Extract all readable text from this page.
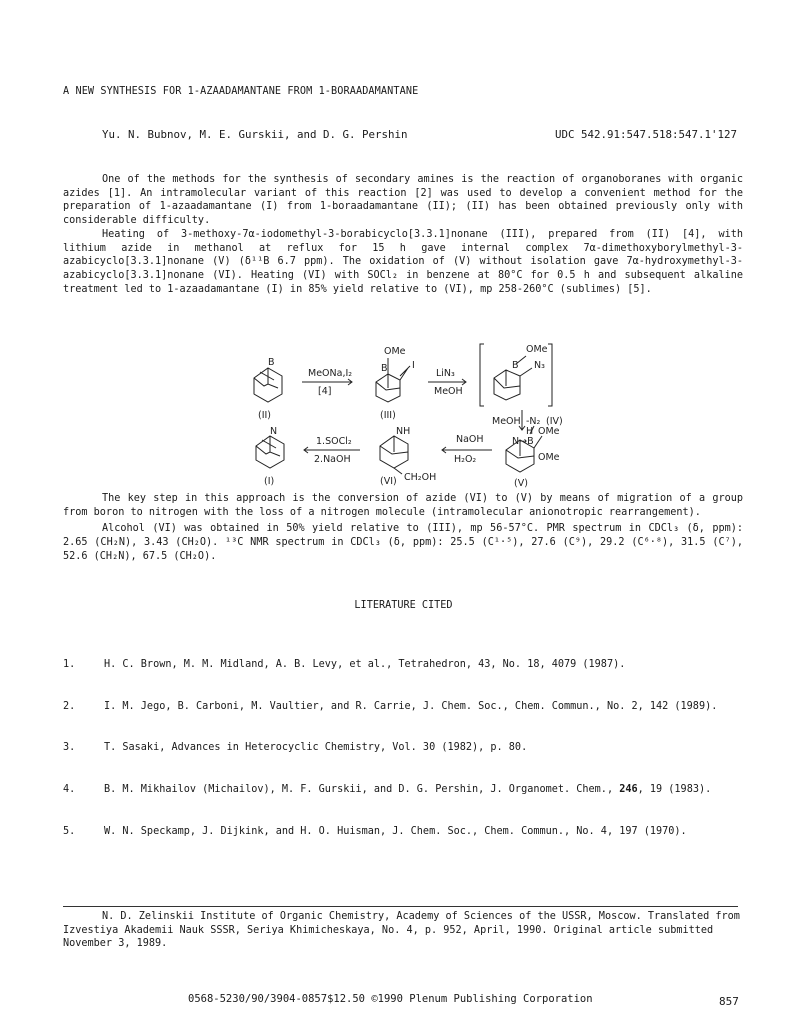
A NEW SYNTHESIS FOR 1-AZAADAMANTANE FROM 1-BORAADAMANTANE
Yu. N. Bubnov, M. E. Gurskii, and D. G. Pershin	UDC 542.91:547.518:547.1'127

One of the methods for the synthesis of secondary amines is the reaction of organoboranes with organic azides [1]. An intramolecular variant of this reaction [2] was used to develop a convenient method for the preparation of 1-azaadamantane (I) from 1-boraadamantane (II); (II) has been obtained previously only with considerable difficulty.

Heating of 3-methoxy-7α-iodomethyl-3-borabicyclo[3.3.1]nonane (III), prepared from (II) [4], with lithium azide in methanol at reflux for 15 h gave internal complex 7α-dimethoxyborylmethyl-3-azabicyclo[3.3.1]nonane (V) (δ¹¹B 6.7 ppm). The oxidation of (V) without isolation gave 7α-hydroxymethyl-3-azabicyclo[3.3.1]nonane (VI). Heating (VI) with SOCl₂ in benzene at 80°C for 0.5 h and subsequent alkaline treatment led to 1-azaadamantane (I) in 85% yield relative to (VI), mp 258-260°C (sublimes) [5].

B
(II)
MeONa,I₂
[4]
OMe
B	I
(III)
LiN₃
MeOH
OMe
B N₃
MeOH -N₂ (IV)
H OMe
N→B
OMe
(V)
NaOH
H₂O₂
NH
CH₂OH
(VI)
1.SOCl₂
2.NaOH
N
(I)

The key step in this approach is the conversion of azide (VI) to (V) by means of migration of a group from boron to nitrogen with the loss of a nitrogen molecule (intramolecular anionotropic rearrangement).

Alcohol (VI) was obtained in 50% yield relative to (III), mp 56-57°C. PMR spectrum in CDCl₃ (δ, ppm): 2.65 (CH₂N), 3.43 (CH₂O). ¹³C NMR spectrum in CDCl₃ (δ, ppm): 25.5 (C¹·⁵), 27.6 (C⁹), 29.2 (C⁶·⁸), 31.5 (C⁷), 52.6 (CH₂N), 67.5 (CH₂O).

LITERATURE CITED

1.	H. C. Brown, M. M. Midland, A. B. Levy, et al., Tetrahedron, 43, No. 18, 4079 (1987).

2.	I. M. Jego, B. Carboni, M. Vaultier, and R. Carrie, J. Chem. Soc., Chem. Commun., No. 2, 142 (1989).

3.	T. Sasaki, Advances in Heterocyclic Chemistry, Vol. 30 (1982), p. 80.

4.	B. M. Mikhailov (Michailov), M. F. Gurskii, and D. G. Pershin, J. Organomet. Chem., 246, 19 (1983).

5.	W. N. Speckamp, J. Dijkink, and H. O. Huisman, J. Chem. Soc., Chem. Commun., No. 4, 197 (1970).

N. D. Zelinskii Institute of Organic Chemistry, Academy of Sciences of the USSR, Moscow. Translated from Izvestiya Akademii Nauk SSSR, Seriya Khimicheskaya, No. 4, p. 952, April, 1990. Original article submitted November 3, 1989.
0568-5230/90/3904-0857$12.50 ©1990 Plenum Publishing Corporation	857
